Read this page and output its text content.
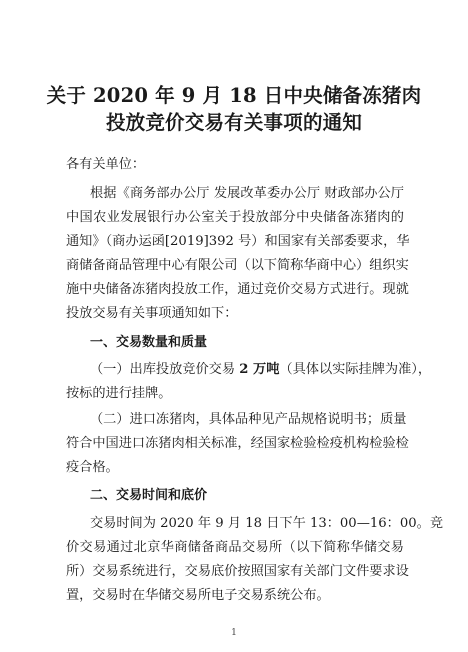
关于 2020 年 9 月 18 日中央储备冻猪肉
投放竞价交易有关事项的通知
各有关单位：
根据《商务部办公厅 发展改革委办公厅 财政部办公厅
中国农业发展银行办公室关于投放部分中央储备冻猪肉的
通知》（商办运函[2019]392 号）和国家有关部委要求，华
商储备商品管理中心有限公司（以下简称华商中心）组织实
施中央储备冻猪肉投放工作，通过竞价交易方式进行。现就
投放交易有关事项通知如下：
一、交易数量和质量
（一）出库投放竞价交易 2 万吨（具体以实际挂牌为准），
按标的进行挂牌。
（二）进口冻猪肉，具体品种见产品规格说明书；质量
符合中国进口冻猪肉相关标准，经国家检验检疫机构检验检
疫合格。
二、交易时间和底价
交易时间为 2020 年 9 月 18 日下午 13：00—16：00。竞
价交易通过北京华商储备商品交易所（以下简称华储交易
所）交易系统进行，交易底价按照国家有关部门文件要求设
置，交易时在华储交易所电子交易系统公布。
1
